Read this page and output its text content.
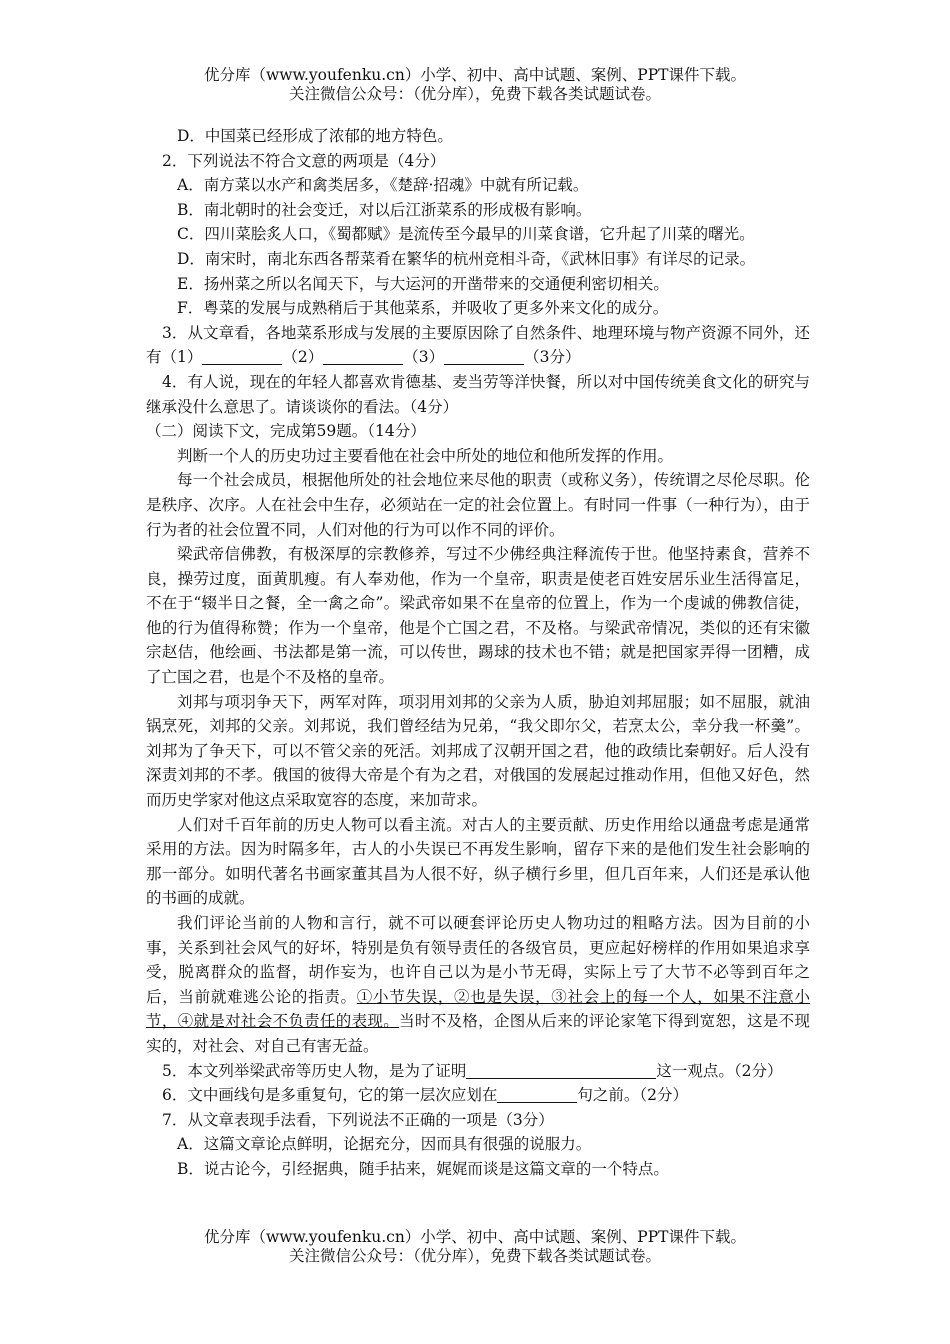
优分库（www.youfenku.cn）小学、初中、高中试题、案例、PPT课件下载。
关注微信公众号：（优分库），免费下载各类试题试卷。

D．中国菜已经形成了浓郁的地方特色。

2．下列说法不符合文意的两项是（4分）

A．南方菜以水产和禽类居多，《楚辞·招魂》中就有所记载。

B．南北朝时的社会变迁，对以后江浙菜系的形成极有影响。

C．四川菜脍炙人口，《蜀都赋》是流传至今最早的川菜食谱，它升起了川菜的曙光。

D．南宋时，南北东西各帮菜肴在繁华的杭州竞相斗奇，《武林旧事》有详尽的记录。

E．扬州菜之所以名闻天下，与大运河的开凿带来的交通便利密切相关。

F．粤菜的发展与成熟稍后于其他菜系，并吸收了更多外来文化的成分。

3．从文章看，各地菜系形成与发展的主要原因除了自然条件、地理环境与物产资源不同外，还有（1）	（2）	（3）	（3分）

4．有人说，现在的年轻人都喜欢肯德基、麦当劳等洋快餐，所以对中国传统美食文化的研究与继承没什么意思了。请谈谈你的看法。（4分）

（二）阅读下文，完成第59题。（14分）

判断一个人的历史功过主要看他在社会中所处的地位和他所发挥的作用。

每一个社会成员，根据他所处的社会地位来尽他的职责（或称义务），传统谓之尽伦尽职。伦是秩序、次序。人在社会中生存，必须站在一定的社会位置上。有时同一件事（一种行为），由于行为者的社会位置不同，人们对他的行为可以作不同的评价。

梁武帝信佛教，有极深厚的宗教修养，写过不少佛经典注释流传于世。他坚持素食，营养不良，操劳过度，面黄肌瘦。有人奉劝他，作为一个皇帝，职责是使老百姓安居乐业生活得富足，不在于“辍半日之餐，全一禽之命”。梁武帝如果不在皇帝的位置上，作为一个虔诚的佛教信徒，他的行为值得称赞；作为一个皇帝，他是个亡国之君，不及格。与梁武帝情况，类似的还有宋徽宗赵佶，他绘画、书法都是第一流，可以传世，踢球的技术也不错；就是把国家弄得一团糟，成了亡国之君，也是个不及格的皇帝。

刘邦与项羽争天下，两军对阵，项羽用刘邦的父亲为人质，胁迫刘邦屈服；如不屈服，就油锅烹死，刘邦的父亲。刘邦说，我们曾经结为兄弟，“我父即尔父，若烹太公，幸分我一杯羹”。刘邦为了争天下，可以不管父亲的死活。刘邦成了汉朝开国之君，他的政绩比秦朝好。后人没有深责刘邦的不孝。俄国的彼得大帝是个有为之君，对俄国的发展起过推动作用，但他又好色，然而历史学家对他这点采取宽容的态度，来加苛求。

人们对千百年前的历史人物可以看主流。对古人的主要贡献、历史作用给以通盘考虑是通常采用的方法。因为时隔多年，古人的小失误已不再发生影响，留存下来的是他们发生社会影响的那一部分。如明代著名书画家董其昌为人很不好，纵子横行乡里，但几百年来，人们还是承认他的书画的成就。

我们评论当前的人物和言行，就不可以硬套评论历史人物功过的粗略方法。因为目前的小事，关系到社会风气的好坏，特别是负有领导责任的各级官员，更应起好榜样的作用如果追求享受，脱离群众的监督，胡作妄为，也许自己以为是小节无碍，实际上亏了大节不必等到百年之后，当前就难逃公论的指责。①小节失误，②也是失误，③社会上的每一个人，如果不注意小节，④就是对社会不负责任的表现。当时不及格，企图从后来的评论家笔下得到宽恕，这是不现实的，对社会、对自己有害无益。

5．本文列举梁武帝等历史人物，是为了证明	这一观点。（2分）

6．文中画线句是多重复句，它的第一层次应划在	句之前。（2分）

7．从文章表现手法看，下列说法不正确的一项是（3分）

A．这篇文章论点鲜明，论据充分，因而具有很强的说服力。

B．说古论今，引经据典，随手拈来，娓娓而谈是这篇文章的一个特点。

优分库（www.youfenku.cn）小学、初中、高中试题、案例、PPT课件下载。
关注微信公众号：（优分库），免费下载各类试题试卷。
